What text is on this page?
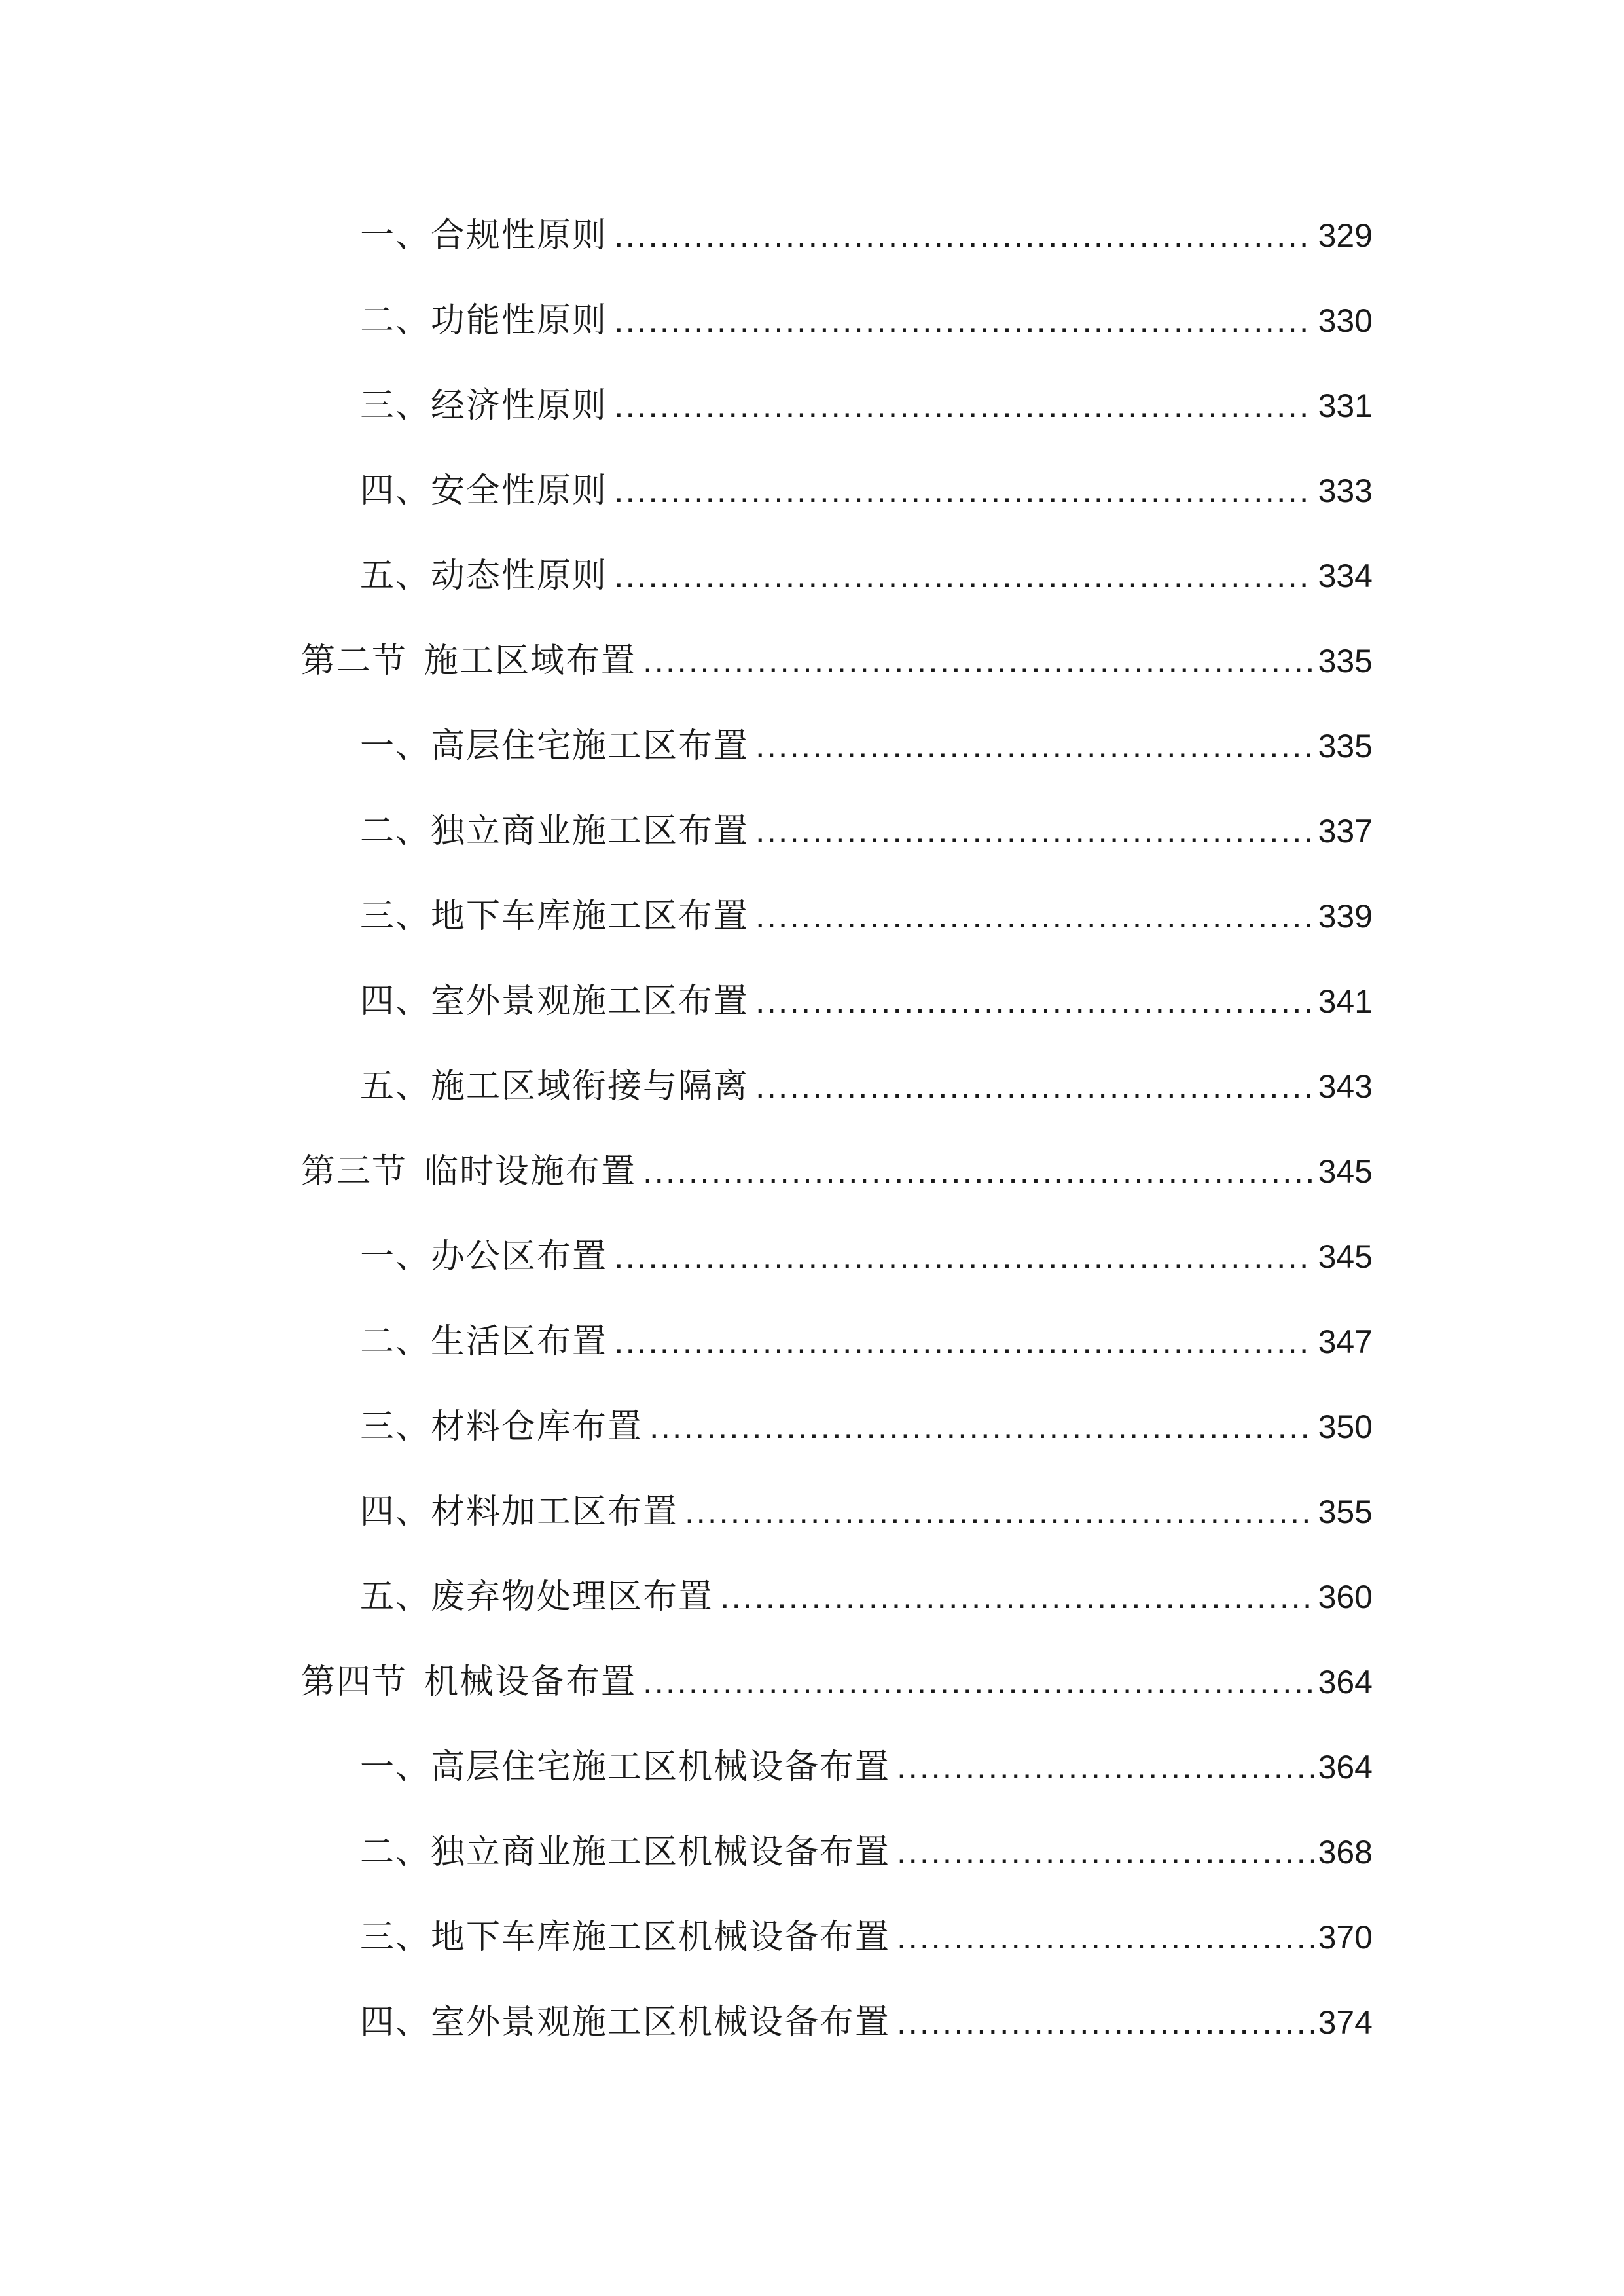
一、合规性原则 .....	329
二、功能性原则 .....	330
三、经济性原则 .....	331
四、安全性原则 .....	333
五、动态性原则 .....	334
第二节 施工区域布置 .....	335
一、高层住宅施工区布置 .....	335
二、独立商业施工区布置 .....	337
三、地下车库施工区布置 .....	339
四、室外景观施工区布置 .....	341
五、施工区域衔接与隔离 .....	343
第三节 临时设施布置 .....	345
一、办公区布置 .....	345
二、生活区布置 .....	347
三、材料仓库布置 .....	350
四、材料加工区布置 .....	355
五、废弃物处理区布置 .....	360
第四节 机械设备布置 .....	364
一、高层住宅施工区机械设备布置 .....	364
二、独立商业施工区机械设备布置 .....	368
三、地下车库施工区机械设备布置 .....	370
四、室外景观施工区机械设备布置 .....	374
